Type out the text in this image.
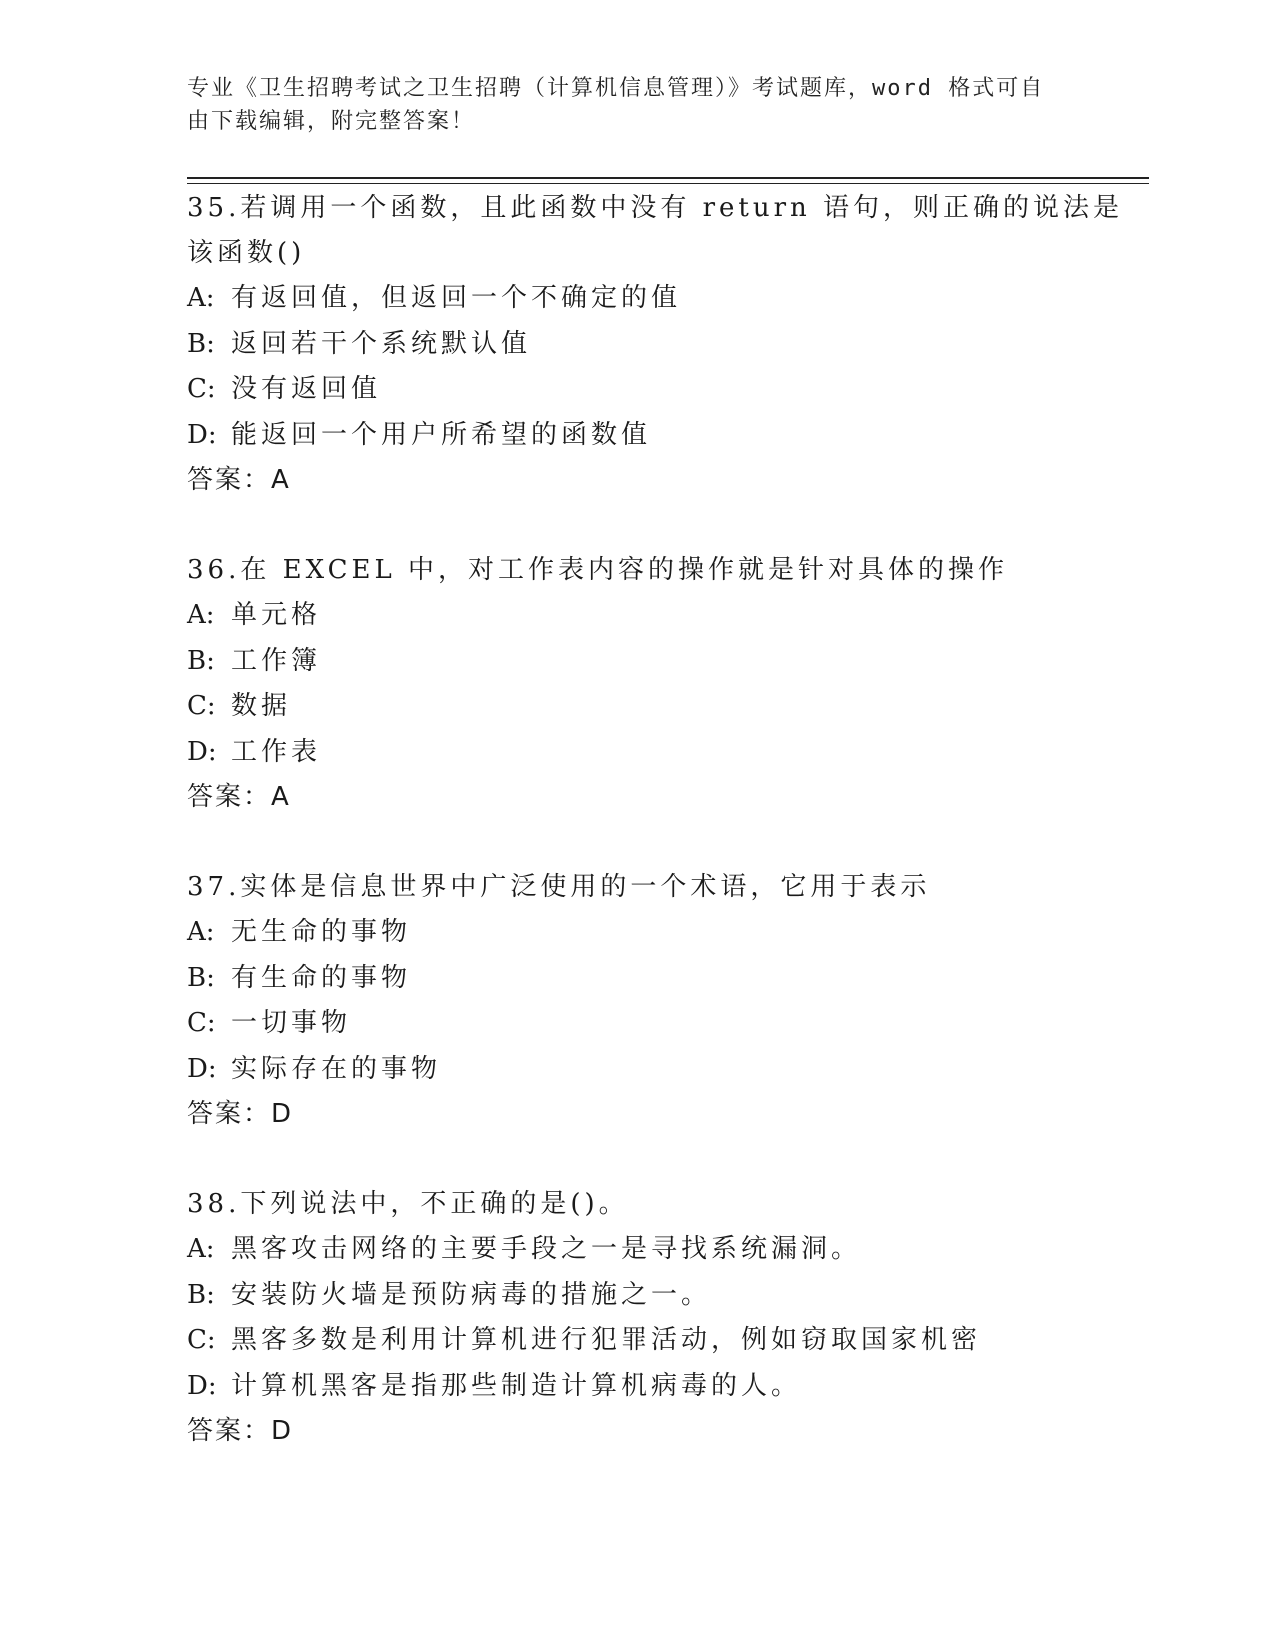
专业《卫生招聘考试之卫生招聘（计算机信息管理）》考试题库，word 格式可自
由下载编辑，附完整答案！
35.若调用一个函数，且此函数中没有 return 语句，则正确的说法是
该函数()
A: 有返回值，但返回一个不确定的值
B: 返回若干个系统默认值
C: 没有返回值
D: 能返回一个用户所希望的函数值
答案：A
36.在 EXCEL 中，对工作表内容的操作就是针对具体的操作
A: 单元格
B: 工作簿
C: 数据
D: 工作表
答案：A
37.实体是信息世界中广泛使用的一个术语，它用于表示
A: 无生命的事物
B: 有生命的事物
C: 一切事物
D: 实际存在的事物
答案：D
38.下列说法中，不正确的是()。
A: 黑客攻击网络的主要手段之一是寻找系统漏洞。
B: 安装防火墙是预防病毒的措施之一。
C: 黑客多数是利用计算机进行犯罪活动，例如窃取国家机密
D: 计算机黑客是指那些制造计算机病毒的人。
答案：D
